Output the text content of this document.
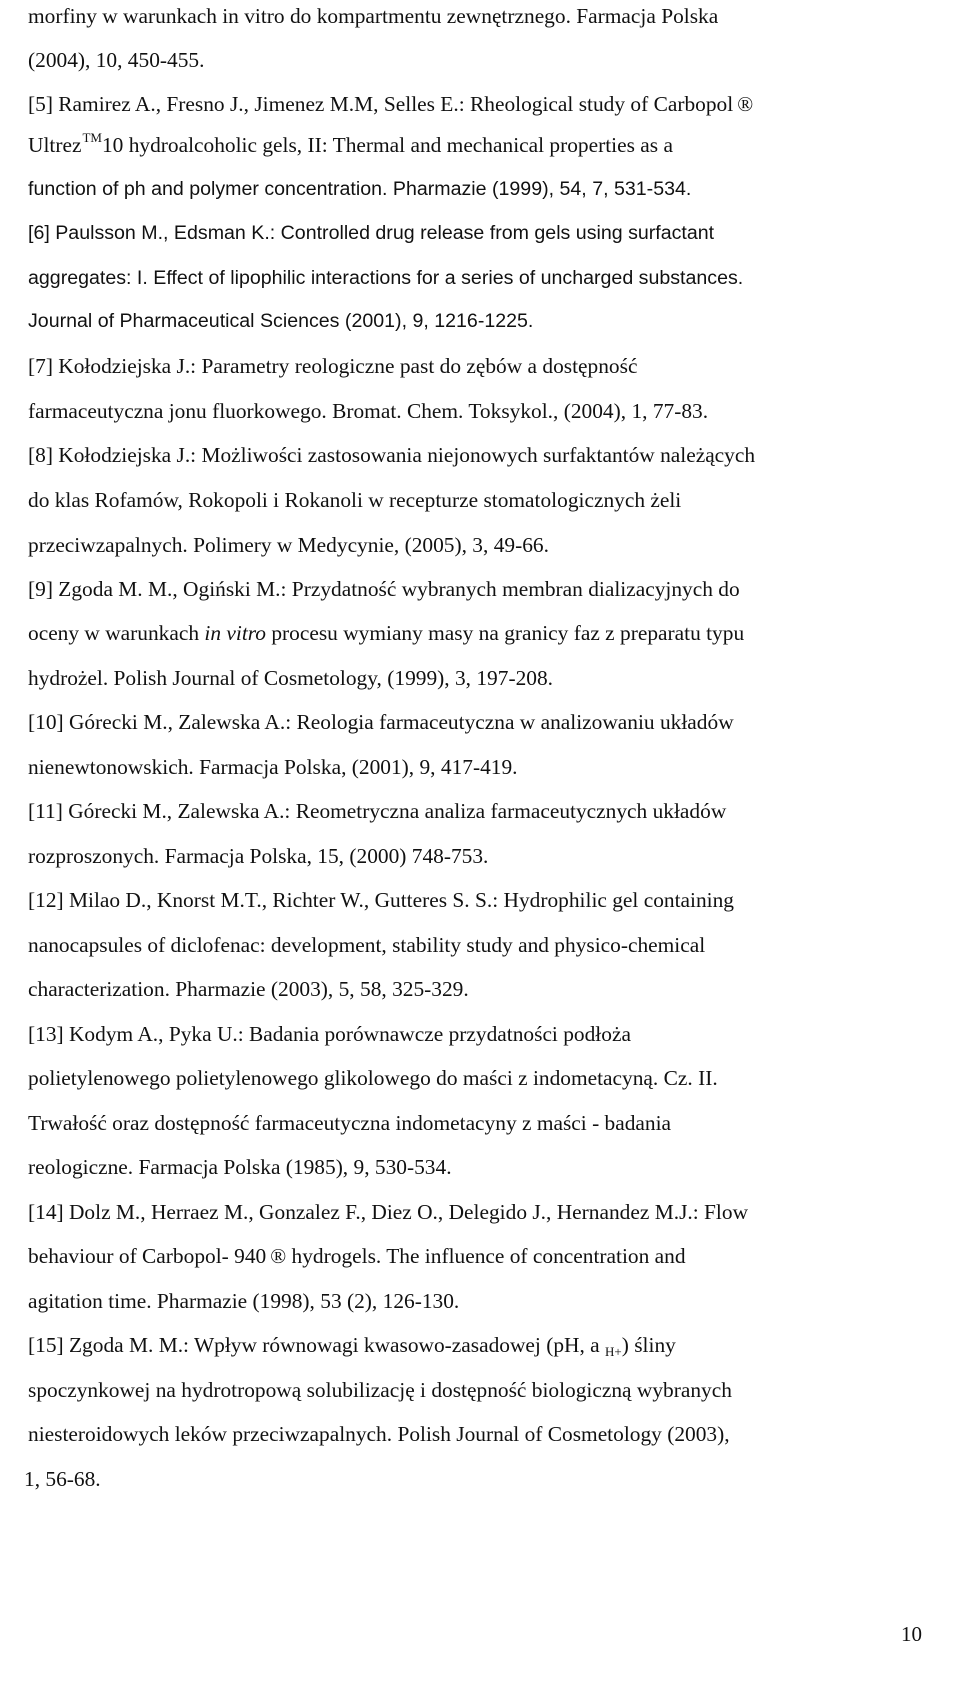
morfiny w warunkach in vitro do kompartmentu zewnętrznego. Farmacja Polska
(2004), 10, 450-455.
[5] Ramirez A., Fresno J., Jimenez M.M, Selles E.: Rheological study of Carbopol ®
Ultrez™10 hydroalcoholic gels, II: Thermal and mechanical properties as a
function of ph and polymer concentration. Pharmazie (1999), 54, 7, 531-534.
[6] Paulsson M., Edsman K.: Controlled drug release from gels using surfactant
aggregates: I. Effect of lipophilic interactions for a series of uncharged substances.
Journal of Pharmaceutical Sciences (2001), 9, 1216-1225.
[7] Kołodziejska J.: Parametry reologiczne past do zębów a dostępność
farmaceutyczna jonu fluorkowego. Bromat. Chem. Toksykol., (2004), 1, 77-83.
[8] Kołodziejska J.: Możliwości zastosowania niejonowych surfaktantów należących
do klas Rofamów, Rokopoli i Rokanoli w recepturze stomatologicznych żeli
przeciwzapalnych. Polimery w Medycynie, (2005), 3, 49-66.
[9] Zgoda M. M., Ogiński M.: Przydatność wybranych membran dializacyjnych do
oceny w warunkach in vitro procesu wymiany masy na granicy faz z preparatu typu
hydrożel. Polish Journal of Cosmetology, (1999), 3, 197-208.
[10] Górecki M., Zalewska A.: Reologia farmaceutyczna w analizowaniu układów
nienewtonowskich. Farmacja Polska, (2001), 9, 417-419.
[11] Górecki M., Zalewska A.: Reometryczna analiza farmaceutycznych układów
rozproszonych. Farmacja Polska, 15, (2000) 748-753.
[12] Milao D., Knorst M.T., Richter W., Gutteres S. S.: Hydrophilic gel containing
nanocapsules of diclofenac: development, stability study and physico-chemical
characterization. Pharmazie (2003), 5, 58, 325-329.
[13] Kodym A., Pyka U.: Badania porównawcze przydatności podłoża
polietylenowego polietylenowego glikolowego do maści z indometacyną. Cz. II.
Trwałość oraz dostępność farmaceutyczna indometacyny z maści - badania
reologiczne. Farmacja Polska (1985), 9, 530-534.
[14] Dolz M., Herraez M., Gonzalez F., Diez O., Delegido J., Hernandez M.J.: Flow
behaviour of Carbopol- 940 ® hydrogels. The influence of concentration and
agitation time. Pharmazie (1998), 53 (2), 126-130.
[15] Zgoda M. M.: Wpływ równowagi kwasowo-zasadowej (pH, a H+) śliny
spoczynkowej na hydrotropową solubilizację i dostępność biologiczną wybranych
niesteroidowych leków przeciwzapalnych. Polish Journal of Cosmetology (2003),
1, 56-68.
10
